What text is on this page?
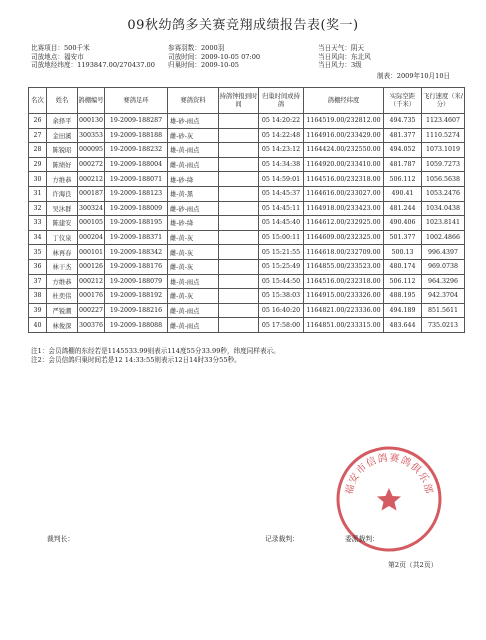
09秋幼鸽多关赛竞翔成绩报告表(奖一)
比赛项目：500千米
司放地点：福安市
司放地经纬度：1193847.00/270437.00
参赛羽数：2000羽
司放时间：2009-10-05 07:00
归巢时间：2009-10-05
当日天气：阴天
当日风向：东北风
当日风力：3级
制表：2009年10月10日
名次	姓名	鸽棚编号	赛鸽足环	赛鸽资料	持鸽钟报到时间	归巢时间或持鸽	鸽棚经纬度	实际空距（千米）	飞行速度（米/分）
26	余择平	000130	19-2009-188287	雄-砂-雨点		05 14:20:22	1164519.00/232812.00	494.735	1123.4607
27	金田溪	300353	19-2009-188188	雌-砂-灰		05 14:22:48	1164916.00/233429.00	481.377	1110.5274
28	陈锐昭	000095	19-2009-188232	雄-黄-雨点		05 14:23:12	1164424.00/232550.00	494.052	1073.1019
29	陈绩好	000272	19-2009-188004	雌-黄-雨点		05 14:34:38	1164920.00/233410.00	481.787	1059.7273
30	方维恭	000212	19-2009-188071	雄-砂-绛		05 14:59:01	1164516.00/232318.00	506.112	1056.5638
31	许海良	000187	19-2009-188123	雄-黄-黑		05 14:45:37	1164616.00/233027.00	490.41	1053.2476
32	吴沐群	300324	19-2009-188009	雌-砂-雨点		05 14:45:11	1164918.00/233423.00	481.244	1034.0438
33	陈建安	000105	19-2009-188195	雄-砂-绛		05 14:45:40	1164612.00/232925.00	490.406	1023.8141
34	丁仪泉	000204	19-2009-188371	雌-黄-灰		05 15:00:11	1164609.00/232325.00	501.377	1002.4866
35	林再春	000101	19-2009-188342	雌-黄-灰		05 15:21:55	1164618.00/232709.00	500.13	996.4397
36	林干杰	000126	19-2009-188176	雌-黄-灰		05 15:25:49	1164855.00/233523.00	480.174	969.0738
37	方维恭	000212	19-2009-188079	雄-黄-雨点		05 15:44:50	1164516.00/232318.00	506.112	964.3296
38	杜奕伟	000176	19-2009-188192	雌-黄-灰		05 15:38:03	1164915.00/233326.00	488.195	942.3704
39	严锐潮	000227	19-2009-188216	雌-黄-雨点		05 16:40:20	1164821.00/223336.00	494.189	851.5611
40	林俊深	300376	19-2009-188088	雌-黄-雨点		05 17:58:00	1164851.00/233315.00	483.644	735.0213
注1：会员鸽棚的东经若是1145533.99则表示114度55分33.99秒，纬度同样表示。
注2：会员信鸽归巢时间若是12 14:33:55则表示12日14时33分55秒。
福安市信鸽赛鸽俱乐部
裁判长：	记录裁判：	委派裁判：
第2页（共2页）
